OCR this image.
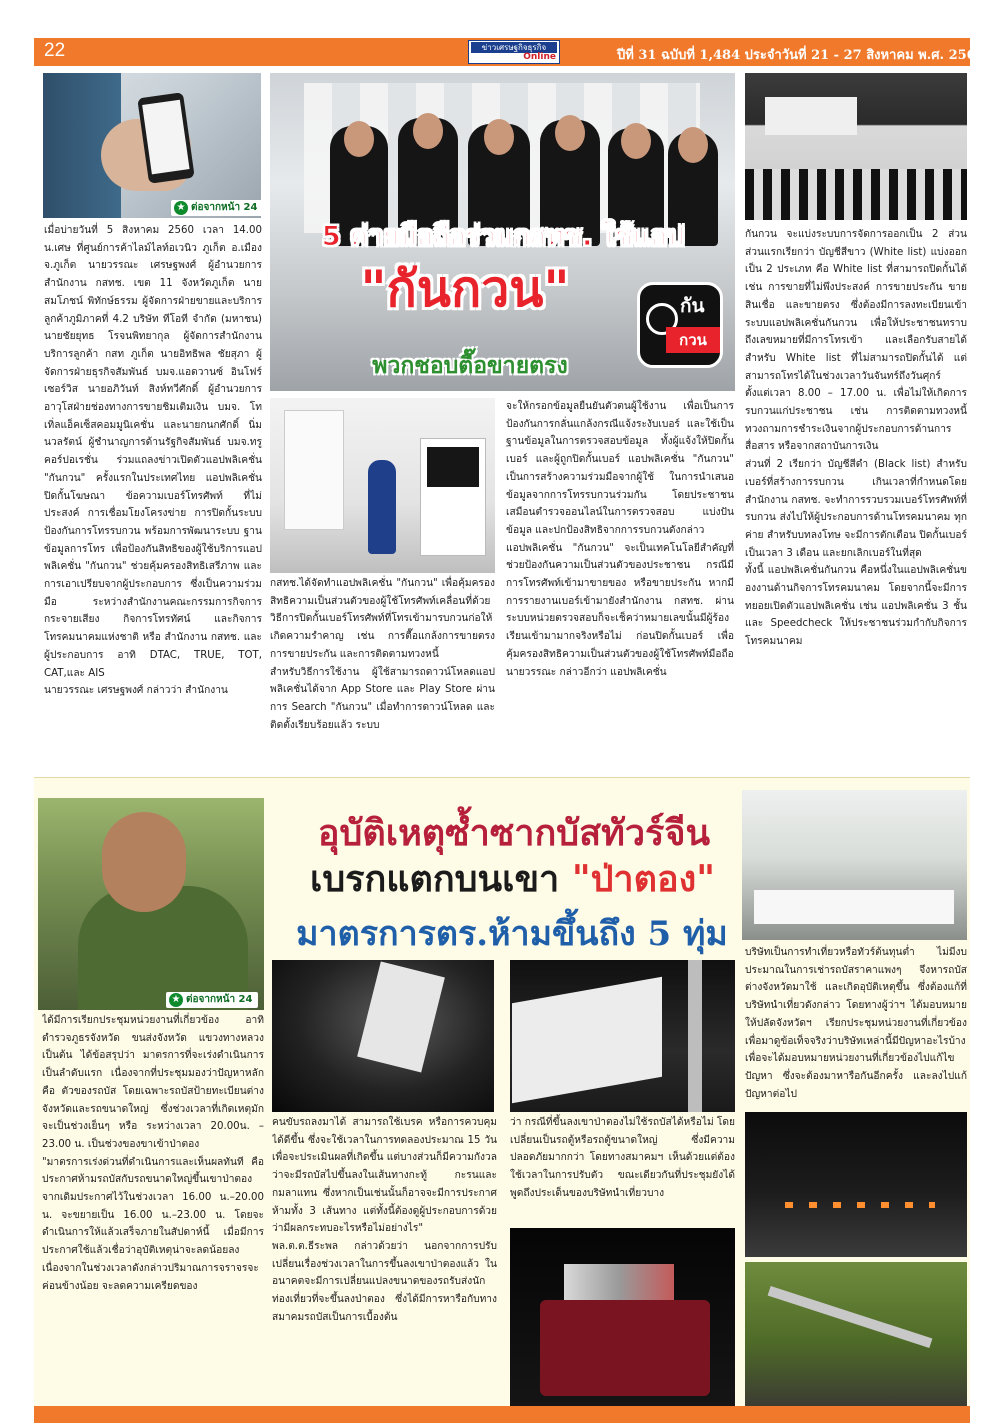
22	ข่าวเศรษฐกิจธุรกิจ
Online	ปีที่ 31 ฉบับที่ 1,484 ประจำวันที่ 21 - 27 สิงหาคม พ.ศ. 2560
★ ต่อจากหน้า 24
5 ค่ายมือถือร่วมกสทช. ใช้แอป
"กันกวน"
พวกชอบตื๊อขายตรง
กัน
กวน
เมื่อบ่ายวันที่ 5 สิงหาคม 2560 เวลา 14.00 น.เศษ ที่ศูนย์การค้าไลม์ไลท์อเวนิว ภูเก็ต อ.เมือง จ.ภูเก็ต นายวรรณะ เศรษฐพงศ์ ผู้อำนวยการสำนักงาน กสทช. เขต 11 จังหวัดภูเก็ต นายสมโภชน์ พิทักษ์ธรรม ผู้จัดการฝ่ายขายและบริการลูกค้าภูมิภาคที่ 4.2 บริษัท ทีโอที จำกัด (มหาชน) นายชัยยุทธ โรจนพิทยากุล ผู้จัดการสำนักงานบริการลูกค้า กสท ภูเก็ต นายอิทธิพล ชัยสุภา ผู้จัดการฝ่ายธุรกิจสัมพันธ์ บมจ.แอดวานซ์ อินโฟร์ เซอร์วิส นายอภิวันท์ สิงห์ทวีศักดิ์ ผู้อำนวยการอาวุโสฝ่ายช่องทางการขายชิมเติมเงิน บมจ. โทเทิ่ลแอ็คเซ็สคอมมูนิเคชั่น และนายกนกศักดิ์ นิ่มนวลรัตน์ ผู้ชำนาญการด้านรัฐกิจสัมพันธ์ บมจ.ทรู คอร์ปอเรชั่น ร่วมแถลงข่าวเปิดตัวแอปพลิเคชั่น "กันกวน" ครั้งแรกในประเทศไทย แอปพลิเคชั่น ปิดกั้นโฆษณา ข้อความเบอร์โทรศัพท์ ที่ไม่ประสงค์ การเชื่อมโยงโครงข่าย การปิดกั้นระบบป้องกันการโทรรบกวน พร้อมการพัฒนาระบบ ฐานข้อมูลการโทร เพื่อป้องกันสิทธิของผู้ใช้บริการแอปพลิเคชั่น "กันกวน" ช่วยคุ้มครองสิทธิเสรีภาพ และการเอาเปรียบจากผู้ประกอบการ ซึ่งเป็นความร่วมมือ ระหว่างสำนักงานคณะกรรมการกิจการกระจายเสียง กิจการโทรทัศน์ และกิจการโทรคมนาคมแห่งชาติ หรือ สำนักงาน กสทช. และผู้ประกอบการ อาทิ DTAC, TRUE, TOT, CAT,และ AIS
นายวรรณะ เศรษฐพงศ์ กล่าวว่า สำนักงาน
กสทช.ได้จัดทำแอปพลิเคชั่น "กันกวน" เพื่อคุ้มครองสิทธิความเป็นส่วนตัวของผู้ใช้โทรศัพท์เคลื่อนที่ด้วยวิธีการปิดกั้นเบอร์โทรศัพท์ที่โทรเข้ามารบกวนก่อให้เกิดความรำคาญ เช่น การตื๊อแกล้งการขายตรง การขายประกัน และการติดตามทวงหนี้
สำหรับวิธีการใช้งาน ผู้ใช้สามารถดาวน์โหลดแอปพลิเคชั่นได้จาก App Store และ Play Store ผ่านการ Search "กันกวน" เมื่อทำการดาวน์โหลด และติดตั้งเรียบร้อยแล้ว ระบบ
จะให้กรอกข้อมูลยืนยันตัวตนผู้ใช้งาน เพื่อเป็นการป้องกันการกลั่นแกล้งกรณีแจ้งระงับเบอร์ และใช้เป็นฐานข้อมูลในการตรวจสอบข้อมูล ทั้งผู้แจ้งให้ปิดกั้นเบอร์ และผู้ถูกปิดกั้นเบอร์ แอปพลิเคชั่น "กันกวน" เป็นการสร้างความร่วมมือจากผู้ใช้ ในการนำเสนอข้อมูลจากการโทรรบกวนร่วมกัน โดยประชาชนเสมือนตำรวจออนไลน์ในการตรวจสอบ แบ่งปันข้อมูล และปกป้องสิทธิจากการรบกวนดังกล่าว
แอปพลิเคชั่น "กันกวน" จะเป็นเทคโนโลยีสำคัญที่ช่วยป้องกันความเป็นส่วนตัวของประชาชน กรณีมีการโทรศัพท์เข้ามาขายของ หรือขายประกัน หากมีการรายงานเบอร์เข้ามายังสำนักงาน กสทช. ผ่านระบบหน่วยตรวจสอบก็จะเช็คว่าหมายเลขนั้นมีผู้ร้องเรียนเข้ามามากจริงหรือไม่ ก่อนปิดกั้นเบอร์ เพื่อคุ้มครองสิทธิความเป็นส่วนตัวของผู้ใช้โทรศัพท์มือถือ
นายวรรณะ กล่าวอีกว่า แอปพลิเคชั่น
กันกวน จะแบ่งระบบการจัดการออกเป็น 2 ส่วน ส่วนแรกเรียกว่า บัญชีสีขาว (White list) แบ่งออกเป็น 2 ประเภท คือ White list ที่สามารถปิดกั้นได้ เช่น การขายที่ไม่พึงประสงค์ การขายประกัน ขายสินเชื่อ และขายตรง ซึ่งต้องมีการลงทะเบียนเข้าระบบแอปพลิเคชั่นกันกวน เพื่อให้ประชาชนทราบถึงเลขหมายที่มีการโทรเข้า และเลือกรับสายได้ สำหรับ White list ที่ไม่สามารถปิดกั้นได้ แต่สามารถโทรได้ในช่วงเวลาวันจันทร์ถึงวันศุกร์ ตั้งแต่เวลา 8.00 – 17.00 น. เพื่อไม่ให้เกิดการรบกวนแก่ประชาชน เช่น การติดตามทวงหนี้ ทวงถามการชำระเงินจากผู้ประกอบการด้านการสื่อสาร หรือจากสถาบันการเงิน
ส่วนที่ 2 เรียกว่า บัญชีสีดำ (Black list) สำหรับเบอร์ที่สร้างการรบกวน เกินเวลาที่กำหนดโดยสำนักงาน กสทช. จะทำการรวบรวมเบอร์โทรศัพท์ที่รบกวน ส่งไปให้ผู้ประกอบการด้านโทรคมนาคม ทุกค่าย สำหรับบทลงโทษ จะมีการตักเตือน ปิดกั้นเบอร์เป็นเวลา 3 เดือน และยกเลิกเบอร์ในที่สุด
ทั้งนี้ แอปพลิเคชั่นกันกวน คือหนึ่งในแอปพลิเคชั่นของงานด้านกิจการโทรคมนาคม โดยจากนี้จะมีการทยอยเปิดตัวแอปพลิเคชั่น เช่น แอปพลิเคชั่น 3 ชั้น และ Speedcheck ให้ประชาชนร่วมกำกับกิจการโทรคมนาคม
★ ต่อจากหน้า 24
อุบัติเหตุซ้ำซากบัสทัวร์จีน
เบรกแตกบนเขา "ป่าตอง"
มาตรการตร.ห้ามขึ้นถึง 5 ทุ่ม
ได้มีการเรียกประชุมหน่วยงานที่เกี่ยวข้อง อาทิ ตำรวจภูธรจังหวัด ขนส่งจังหวัด แขวงทางหลวง เป็นต้น ได้ข้อสรุปว่า มาตรการที่จะเร่งดำเนินการเป็นลำดับแรก เนื่องจากที่ประชุมมองว่าปัญหาหลักคือ ตัวของรถบัส โดยเฉพาะรถบัสป้ายทะเบียนต่างจังหวัดและรถขนาดใหญ่ ซึ่งช่วงเวลาที่เกิดเหตุมักจะเป็นช่วงเย็นๆ หรือ ระหว่างเวลา 20.00น. – 23.00 น. เป็นช่วงของขาเข้าป่าตอง
"มาตรการเร่งด่วนที่ดำเนินการและเห็นผลทันที คือ ประกาศห้ามรถบัสกับรถขนาดใหญ่ขึ้นเขาป่าตอง จากเดิมประกาศไว้ในช่วงเวลา 16.00 น.–20.00 น. จะขยายเป็น 16.00 น.–23.00 น. โดยจะดำเนินการให้แล้วเสร็จภายในสัปดาห์นี้ เมื่อมีการประกาศใช้แล้วเชื่อว่าอุบัติเหตุน่าจะลดน้อยลง เนื่องจากในช่วงเวลาดังกล่าวปริมาณการจราจรจะค่อนข้างน้อย จะลดความเครียดของ
คนขับรถลงมาได้ สามารถใช้เบรค หรือการควบคุมได้ดีขึ้น ซึ่งจะใช้เวลาในการทดลองประมาณ 15 วัน เพื่อจะประเมินผลที่เกิดขึ้น แต่บางส่วนก็มีความกังวลว่าจะมีรถบัสไปขึ้นลงในเส้นทางกะทู้ กะรนและกมลาแทน ซึ่งหากเป็นเช่นนั้นก็อาจจะมีการประกาศห้ามทั้ง 3 เส้นทาง แต่ทั้งนี้ต้องดูผู้ประกอบการด้วยว่ามีผลกระทบอะไรหรือไม่อย่างไร"
พล.ต.ต.ธีระพล กล่าวด้วยว่า นอกจากการปรับเปลี่ยนเรื่องช่วงเวลาในการขึ้นลงเขาป่าตองแล้ว ในอนาคตจะมีการเปลี่ยนแปลงขนาดของรถรับส่งนักท่องเที่ยวที่จะขึ้นลงป่าตอง ซึ่งได้มีการหารือกับทางสมาคมรถบัสเป็นการเบื้องต้น
ว่า กรณีที่ขึ้นลงเขาป่าตองไม่ใช้รถบัสได้หรือไม่ โดยเปลี่ยนเป็นรถตู้หรือรถตู้ขนาดใหญ่ ซึ่งมีความปลอดภัยมากกว่า โดยทางสมาคมฯ เห็นด้วยแต่ต้องใช้เวลาในการปรับตัว ขณะเดียวกันที่ประชุมยังได้พูดถึงประเด็นของบริษัทนำเที่ยวบาง
บริษัทเป็นการทำเที่ยวหรือทัวร์ต้นทุนต่ำ ไม่มีงบประมาณในการเช่ารถบัสราคาแพงๆ จึงหารถบัสต่างจังหวัดมาใช้ และเกิดอุบัติเหตุขึ้น ซึ่งต้องแก้ที่บริษัทนำเที่ยวดังกล่าว โดยทางผู้ว่าฯ ได้มอบหมายให้ปลัดจังหวัดฯ เรียกประชุมหน่วยงานที่เกี่ยวข้อง เพื่อมาดูข้อเท็จจริงว่าบริษัทเหล่านี้มีปัญหาอะไรบ้าง เพื่อจะได้มอบหมายหน่วยงานที่เกี่ยวข้องไปแก้ไขปัญหา ซึ่งจะต้องมาหารือกันอีกครั้ง และลงไปแก้ปัญหาต่อไป
